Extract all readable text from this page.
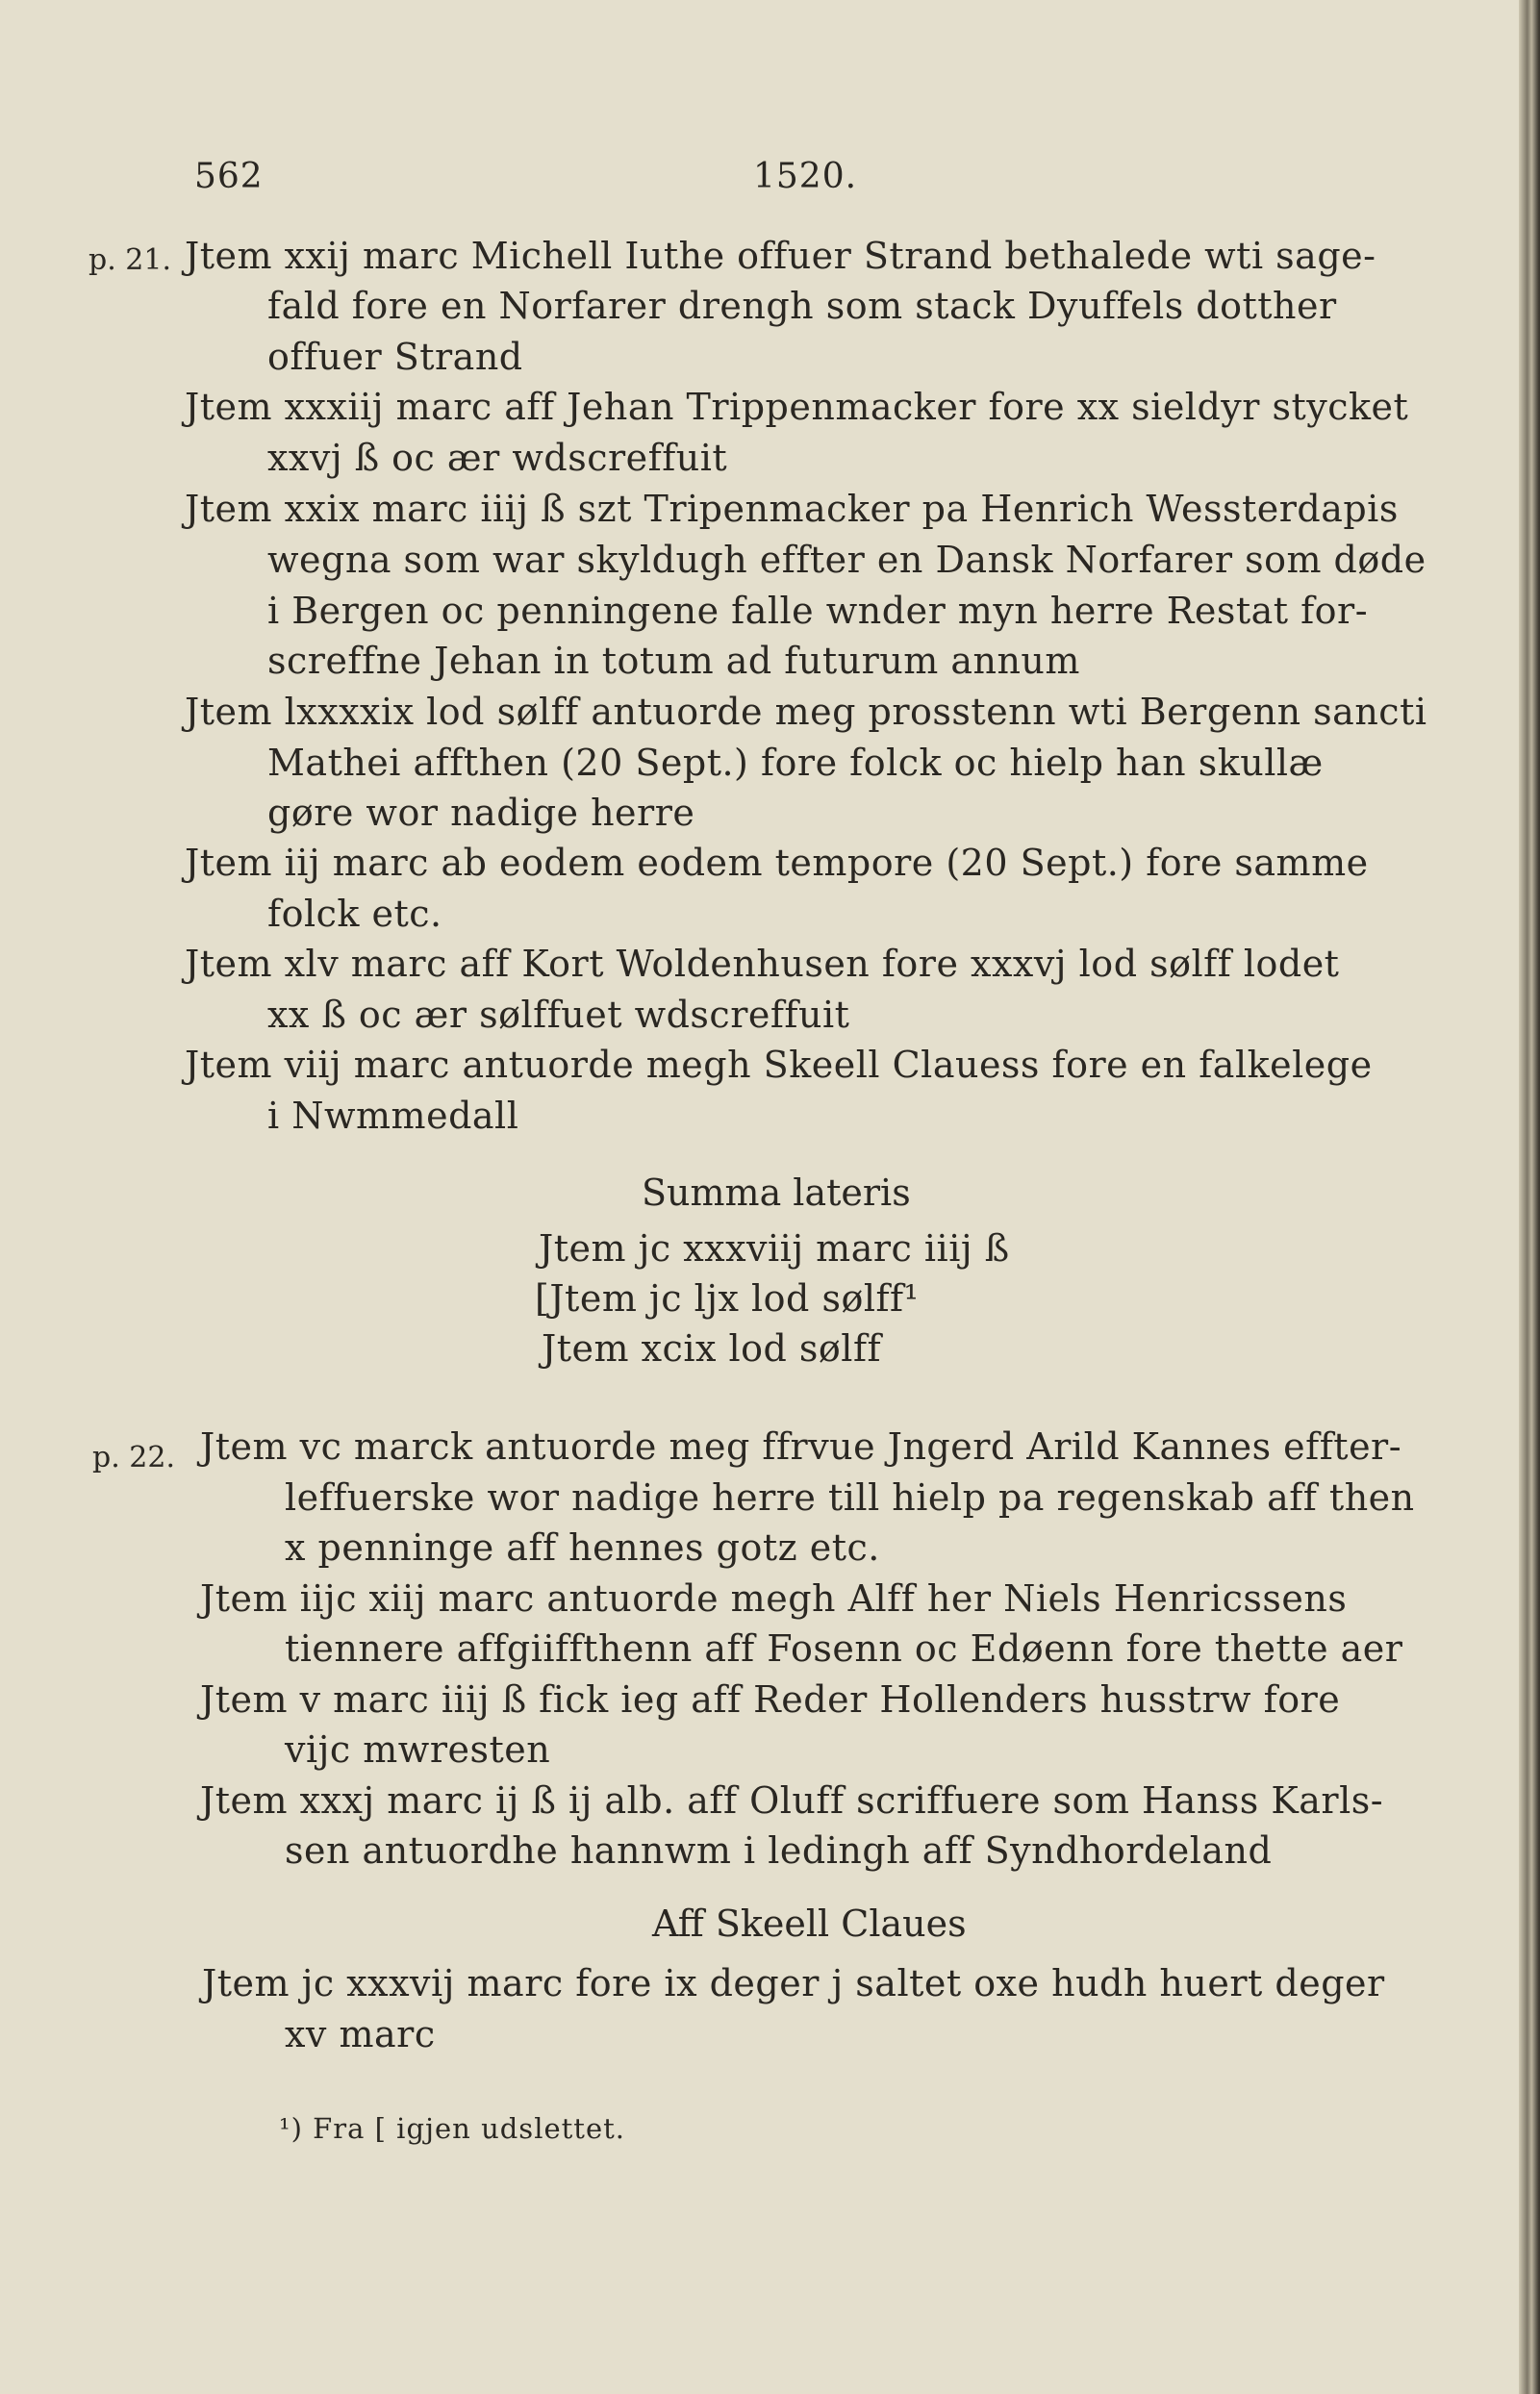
562	1520.
p. 21. Jtem xxij marc Michell Iuthe offuer Strand bethalede wti sage-
fald fore en Norfarer drengh som stack Dyuffels dotther
offuer Strand
Jtem xxxiij marc aff Jehan Trippenmacker fore xx sieldyr stycket
xxvj ß oc ær wdscreffuit
Jtem xxix marc iiij ß szt Tripenmacker pa Henrich Wessterdapis
wegna som war skyldugh effter en Dansk Norfarer som døde
i Bergen oc penningene falle wnder myn herre Restat for-
screffne Jehan in totum ad futurum annum
Jtem lxxxxix lod sølff antuorde meg prosstenn wti Bergenn sancti
Mathei affthen (20 Sept.) fore folck oc hielp han skullæ
gøre wor nadige herre
Jtem iij marc ab eodem eodem tempore (20 Sept.) fore samme
folck etc.
Jtem xlv marc aff Kort Woldenhusen fore xxxvj lod sølff lodet
xx ß oc ær sølffuet wdscreffuit
Jtem viij marc antuorde megh Skeell Clauess fore en falkelege
i Nwmmedall
Summa lateris
Jtem jc xxxviij marc iiij ß
[Jtem jc ljx lod sølff¹
Jtem xcix lod sølff
p. 22. Jtem vc marck antuorde meg ffrvue Jngerd Arild Kannes effter-
leffuerske wor nadige herre till hielp pa regenskab aff then
x penninge aff hennes gotz etc.
Jtem iijc xiij marc antuorde megh Alff her Niels Henricssens
tiennere affgiiffthenn aff Fosenn oc Edøenn fore thette aer
Jtem v marc iiij ß fick ieg aff Reder Hollenders husstrw fore
vijc mwresten
Jtem xxxj marc ij ß ij alb. aff Oluff scriffuere som Hanss Karls-
sen antuordhe hannwm i ledingh aff Syndhordeland
Aff Skeell Claues
Jtem jc xxxvij marc fore ix deger j saltet oxe hudh huert deger
xv marc
¹) Fra [ igjen udslettet.
